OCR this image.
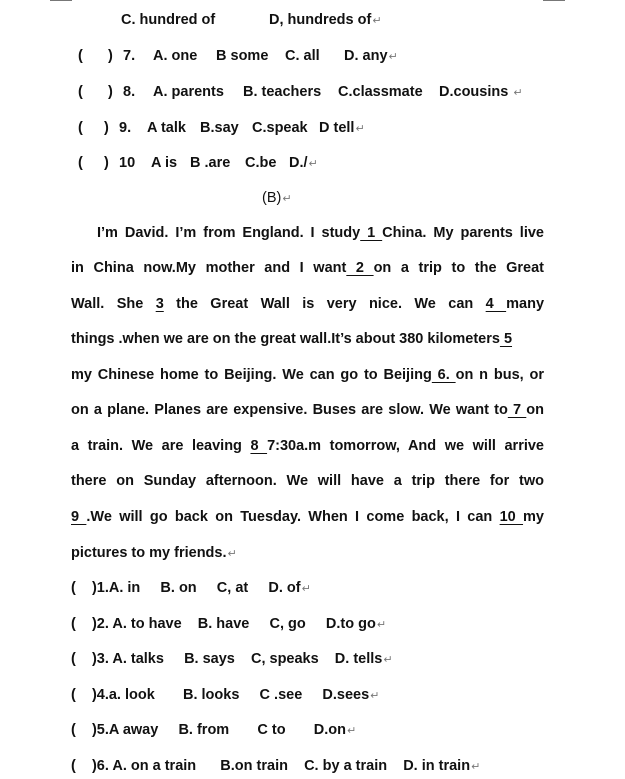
C. hundred of	D, hundreds of↵
( ) 7. A. one B some C. all D. any↵
( ) 8. A. parents B. teachers C.classmate D.cousins ↵
( ) 9. A talk B.say C.speak D tell↵
( ) 10 A is B .are C.be D./↵
(B)↵
I’m David. I’m from England. I study 1 China. My parents live
in China now.My mother and I want 2 on a trip to the Great
Wall. She 3 the Great Wall is very nice. We can 4 many
things .when we are on the great wall.It’s about 380 kilometers 5
my Chinese home to Beijing. We can go to Beijing 6. on n bus, or
on a plane. Planes are expensive. Buses are slow. We want to 7 on
a train. We are leaving 8 7:30a.m tomorrow, And we will arrive
there on Sunday afternoon. We will have a trip there for two
9 .We will go back on Tuesday. When I come back, I can 10 my
pictures to my friends.↵
(    )1.A. in     B. on     C, at     D. of↵
(    )2. A. to have    B. have     C, go     D.to go↵
(    )3. A. talks     B. says    C, speaks    D. tells↵
(    )4.a. look       B. looks     C .see     D.sees↵
(    )5.A away     B. from       C to       D.on↵
(    )6. A. on a train      B.on train    C. by a train    D. in train↵
